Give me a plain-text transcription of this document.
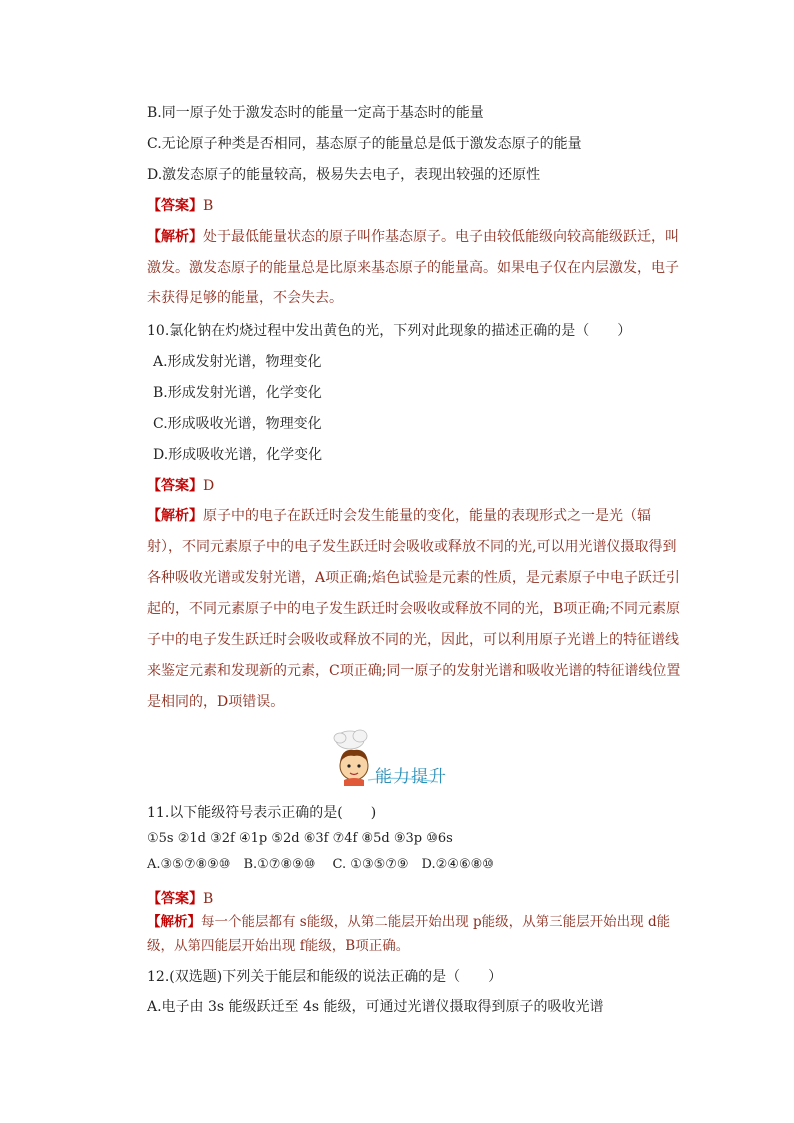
B.同一原子处于激发态时的能量一定高于基态时的能量
C.无论原子种类是否相同，基态原子的能量总是低于激发态原子的能量
D.激发态原子的能量较高，极易失去电子，表现出较强的还原性
【答案】B
【解析】处于最低能量状态的原子叫作基态原子。电子由较低能级向较高能级跃迁，叫激发。激发态原子的能量总是比原来基态原子的能量高。如果电子仅在内层激发，电子未获得足够的能量，不会失去。
10.氯化钠在灼烧过程中发出黄色的光，下列对此现象的描述正确的是（　　）
A.形成发射光谱，物理变化
B.形成发射光谱，化学变化
C.形成吸收光谱，物理变化
D.形成吸收光谱，化学变化
【答案】D
【解析】原子中的电子在跃迁时会发生能量的变化，能量的表现形式之一是光（辐射），不同元素原子中的电子发生跃迁时会吸收或释放不同的光,可以用光谱仪摄取得到各种吸收光谱或发射光谱，A项正确;焰色试验是元素的性质，是元素原子中电子跃迁引起的，不同元素原子中的电子发生跃迁时会吸收或释放不同的光，B项正确;不同元素原子中的电子发生跃迁时会吸收或释放不同的光，因此，可以利用原子光谱上的特征谱线来鉴定元素和发现新的元素，C项正确;同一原子的发射光谱和吸收光谱的特征谱线位置是相同的，D项错误。
能力提升
11.以下能级符号表示正确的是(　　)
①5s ②1d ③2f ④1p ⑤2d ⑥3f ⑦4f ⑧5d ⑨3p ⑩6s
A.③⑤⑦⑧⑨⑩　B.①⑦⑧⑨⑩　 C. ①③⑤⑦⑨　D.②④⑥⑧⑩
【答案】B
【解析】每一个能层都有 s能级，从第二能层开始出现 p能级，从第三能层开始出现 d能级，从第四能层开始出现 f能级，B项正确。
12.(双选题)下列关于能层和能级的说法正确的是（　　）
A.电子由 3s 能级跃迁至 4s 能级，可通过光谱仪摄取得到原子的吸收光谱
